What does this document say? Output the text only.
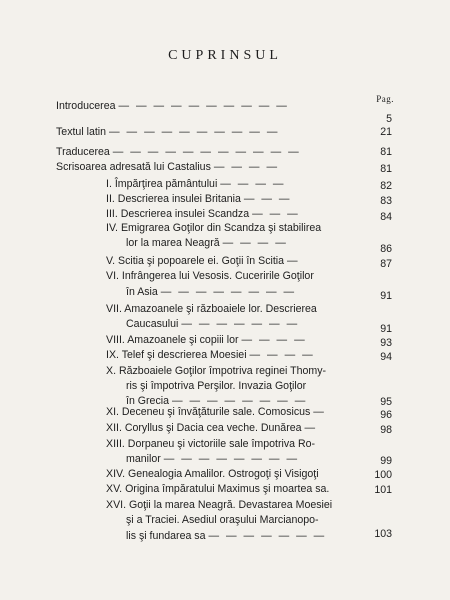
CUPRINSUL
Pag.
Introducerea — — — — — — — — — —
5
Textul latin — — — — — — — — — —	21
Traducerea — — — — — — — — — — —	81
Scrisoarea adresată lui Castalius — — — —	81
I. Împărţirea pământului — — — —	82
II. Descrierea insulei Britania — — —	83
III. Descrierea insulei Scandza — — —	84
IV. Emigrarea Goţilor din Scandza şi stabilirea
lor la marea Neagră — — — —	86
V. Scitia şi popoarele ei. Goţii în Scitia —	87
VI. Infrângerea lui Vesosis. Cuceririle Goţilor
în Asia — — — — — — — —	91
VII. Amazoanele şi războaiele lor. Descrierea
Caucasului — — — — — — —	91
VIII. Amazoanele şi copiii lor — — — —	93
IX. Telef şi descrierea Moesiei — — — —	94
X. Războaiele Goţilor împotriva reginei Thomy-
ris şi împotriva Perşilor. Invazia Goţilor
în Grecia — — — — — — — —	95
XI. Deceneu şi învăţăturile sale. Comosicus —	96
XII. Coryllus şi Dacia cea veche. Dunărea —	98
XIII. Dorpaneu şi victoriile sale împotriva Ro-
manilor — — — — — — — —	99
XIV. Genealogia Amalilor. Ostrogoţi şi Visigoţi	100
XV. Origina împăratului Maximus şi moartea sa.	101
XVI. Goţii la marea Neagră. Devastarea Moesiei
şi a Traciei. Asediul oraşului Marcianopo-
lis şi fundarea sa — — — — — — —	103
